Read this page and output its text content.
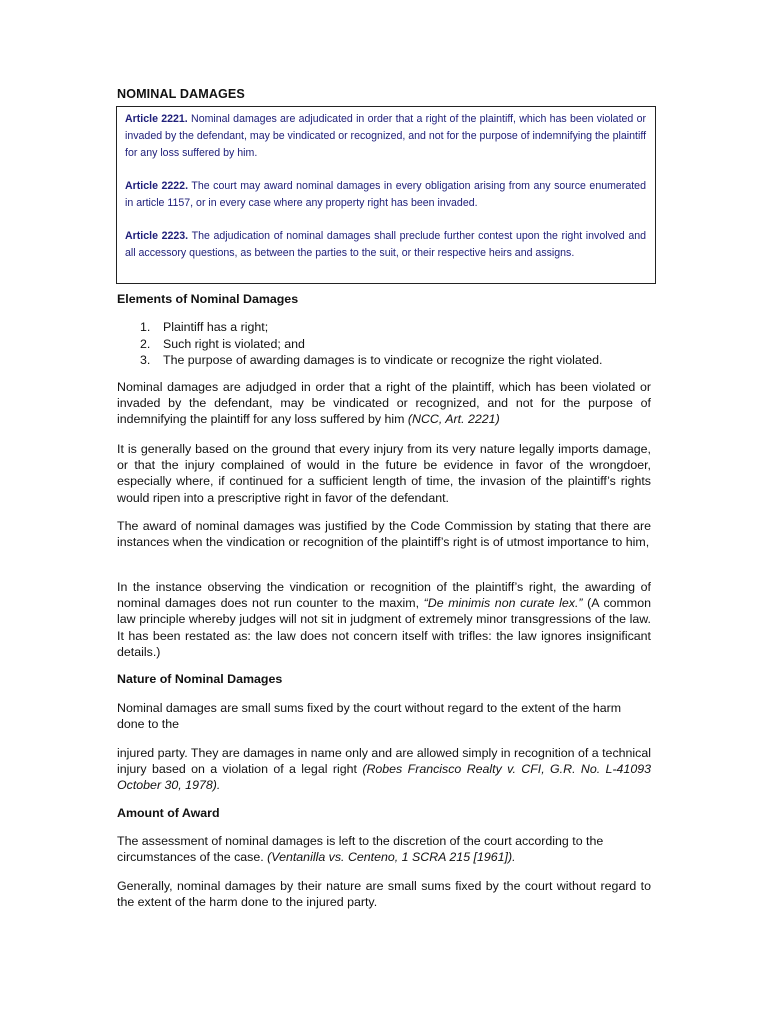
NOMINAL DAMAGES

Article 2221. Nominal damages are adjudicated in order that a right of the plaintiff, which has been violated or invaded by the defendant, may be vindicated or recognized, and not for the purpose of indemnifying the plaintiff for any loss suffered by him.

Article 2222. The court may award nominal damages in every obligation arising from any source enumerated in article 1157, or in every case where any property right has been invaded.

Article 2223. The adjudication of nominal damages shall preclude further contest upon the right involved and all accessory questions, as between the parties to the suit, or their respective heirs and assigns.

Elements of Nominal Damages
1.	Plaintiff has a right;
2.	Such right is violated; and
3.	The purpose of awarding damages is to vindicate or recognize the right violated.

Nominal damages are adjudged in order that a right of the plaintiff, which has been violated or invaded by the defendant, may be vindicated or recognized, and not for the purpose of indemnifying the plaintiff for any loss suffered by him (NCC, Art. 2221)

It is generally based on the ground that every injury from its very nature legally imports damage, or that the injury complained of would in the future be evidence in favor of the wrongdoer, especially where, if continued for a sufficient length of time, the invasion of the plaintiff’s rights would ripen into a prescriptive right in favor of the defendant.

The award of nominal damages was justified by the Code Commission by stating that there are instances when the vindication or recognition of the plaintiff’s right is of utmost importance to him,

In the instance observing the vindication or recognition of the plaintiff’s right, the awarding of nominal damages does not run counter to the maxim, “De minimis non curate lex.” (A common law principle whereby judges will not sit in judgment of extremely minor transgressions of the law. It has been restated as: the law does not concern itself with trifles: the law ignores insignificant details.)

Nature of Nominal Damages

Nominal damages are small sums fixed by the court without regard to the extent of the harm done to the

injured party. They are damages in name only and are allowed simply in recognition of a technical injury based on a violation of a legal right (Robes Francisco Realty v. CFI, G.R. No. L-41093 October 30, 1978).

Amount of Award

The assessment of nominal damages is left to the discretion of the court according to the circumstances of the case. (Ventanilla vs. Centeno, 1 SCRA 215 [1961]).

Generally, nominal damages by their nature are small sums fixed by the court without regard to the extent of the harm done to the injured party.
